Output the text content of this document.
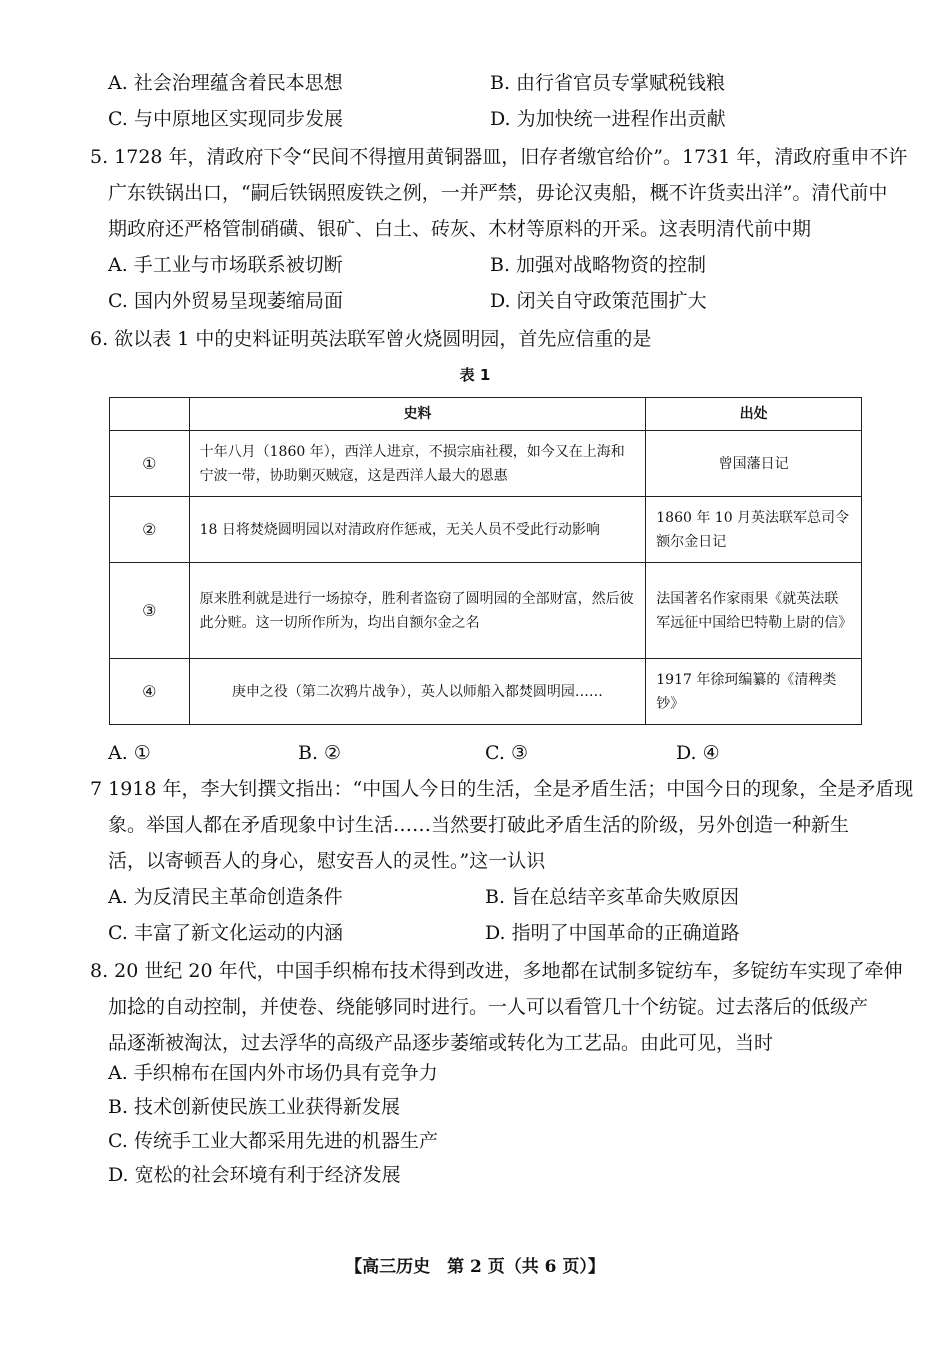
A. 社会治理蕴含着民本思想	B. 由行省官员专掌赋税钱粮
C. 与中原地区实现同步发展	D. 为加快统一进程作出贡献
5. 1728 年，清政府下令“民间不得擅用黄铜器皿，旧存者缴官给价”。1731 年，清政府重申不许
广东铁锅出口，“嗣后铁锅照废铁之例，一并严禁，毋论汉夷船，概不许货卖出洋”。清代前中
期政府还严格管制硝磺、银矿、白土、砖灰、木材等原料的开采。这表明清代前中期
A. 手工业与市场联系被切断	B. 加强对战略物资的控制
C. 国内外贸易呈现萎缩局面	D. 闭关自守政策范围扩大
6. 欲以表 1 中的史料证明英法联军曾火烧圆明园，首先应信重的是
表 1
	史料	出处
①	十年八月（1860 年），西洋人进京，不损宗庙社稷，如今又在上海和宁波一带，协助剿灭贼寇，这是西洋人最大的恩惠	曾国藩日记
②	18 日将焚烧圆明园以对清政府作惩戒，无关人员不受此行动影响	1860 年 10 月英法联军总司令额尔金日记
③	原来胜利就是进行一场掠夺，胜利者盗窃了圆明园的全部财富，然后彼此分赃。这一切所作所为，均出自额尔金之名	法国著名作家雨果《就英法联军远征中国给巴特勒上尉的信》
④	庚申之役（第二次鸦片战争），英人以师船入都焚圆明园……	1917 年徐珂编纂的《清稗类钞》
A. ①	B. ②	C. ③	D. ④
7 1918 年，李大钊撰文指出：“中国人今日的生活，全是矛盾生活；中国今日的现象，全是矛盾现
象。举国人都在矛盾现象中讨生活……当然要打破此矛盾生活的阶级，另外创造一种新生
活，以寄顿吾人的身心，慰安吾人的灵性。”这一认识
A. 为反清民主革命创造条件	B. 旨在总结辛亥革命失败原因
C. 丰富了新文化运动的内涵	D. 指明了中国革命的正确道路
8. 20 世纪 20 年代，中国手织棉布技术得到改进，多地都在试制多锭纺车，多锭纺车实现了牵伸
加捻的自动控制，并使卷、绕能够同时进行。一人可以看管几十个纺锭。过去落后的低级产
品逐渐被淘汰，过去浮华的高级产品逐步萎缩或转化为工艺品。由此可见，当时
A. 手织棉布在国内外市场仍具有竞争力
B. 技术创新使民族工业获得新发展
C. 传统手工业大都采用先进的机器生产
D. 宽松的社会环境有利于经济发展
【高三历史　第 2 页（共 6 页）】
